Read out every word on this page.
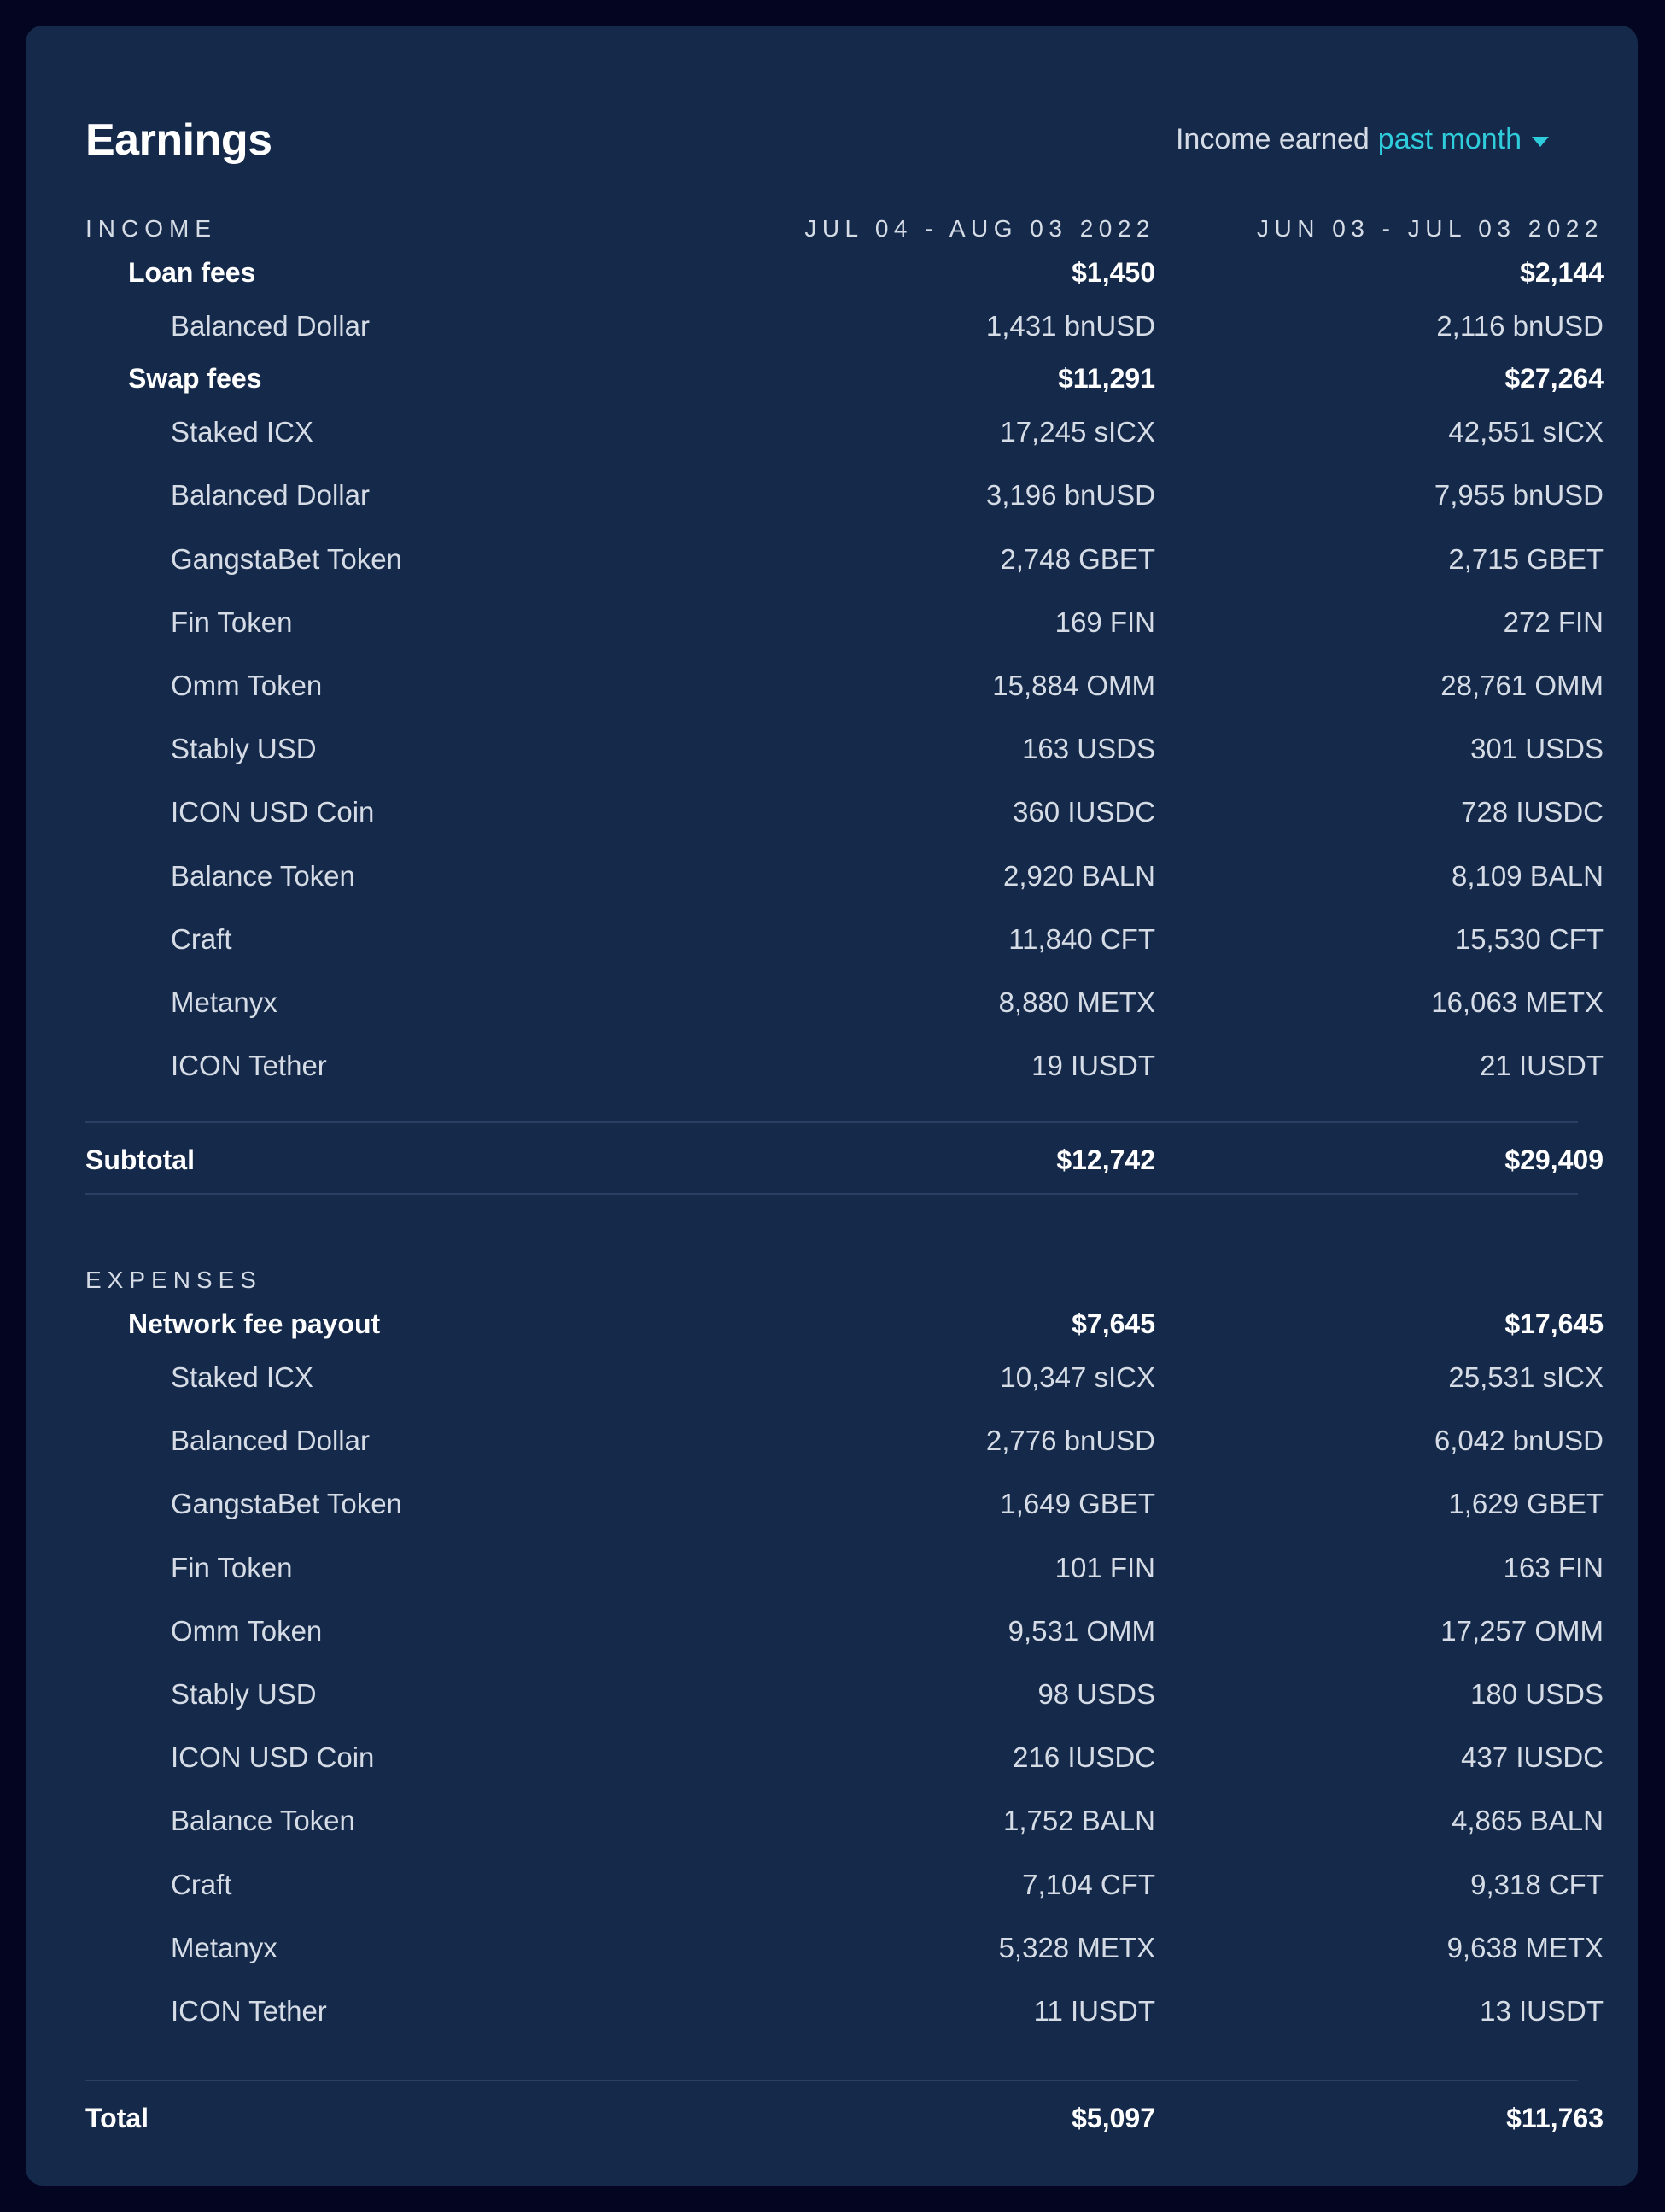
Earnings	Income earned past month
INCOME	JUL 04 - AUG 03 2022	JUN 03 - JUL 03 2022
EXPENSES
Loan fees	$1,450	$2,144
Balanced Dollar	1,431 bnUSD	2,116 bnUSD
Swap fees	$11,291	$27,264
Staked ICX	17,245 sICX	42,551 sICX
Balanced Dollar	3,196 bnUSD	7,955 bnUSD
GangstaBet Token	2,748 GBET	2,715 GBET
Fin Token	169 FIN	272 FIN
Omm Token	15,884 OMM	28,761 OMM
Stably USD	163 USDS	301 USDS
ICON USD Coin	360 IUSDC	728 IUSDC
Balance Token	2,920 BALN	8,109 BALN
Craft	11,840 CFT	15,530 CFT
Metanyx	8,880 METX	16,063 METX
ICON Tether	19 IUSDT	21 IUSDT
Subtotal	$12,742	$29,409
Network fee payout	$7,645	$17,645
Staked ICX	10,347 sICX	25,531 sICX
Balanced Dollar	2,776 bnUSD	6,042 bnUSD
GangstaBet Token	1,649 GBET	1,629 GBET
Fin Token	101 FIN	163 FIN
Omm Token	9,531 OMM	17,257 OMM
Stably USD	98 USDS	180 USDS
ICON USD Coin	216 IUSDC	437 IUSDC
Balance Token	1,752 BALN	4,865 BALN
Craft	7,104 CFT	9,318 CFT
Metanyx	5,328 METX	9,638 METX
ICON Tether	11 IUSDT	13 IUSDT
Total	$5,097	$11,763
